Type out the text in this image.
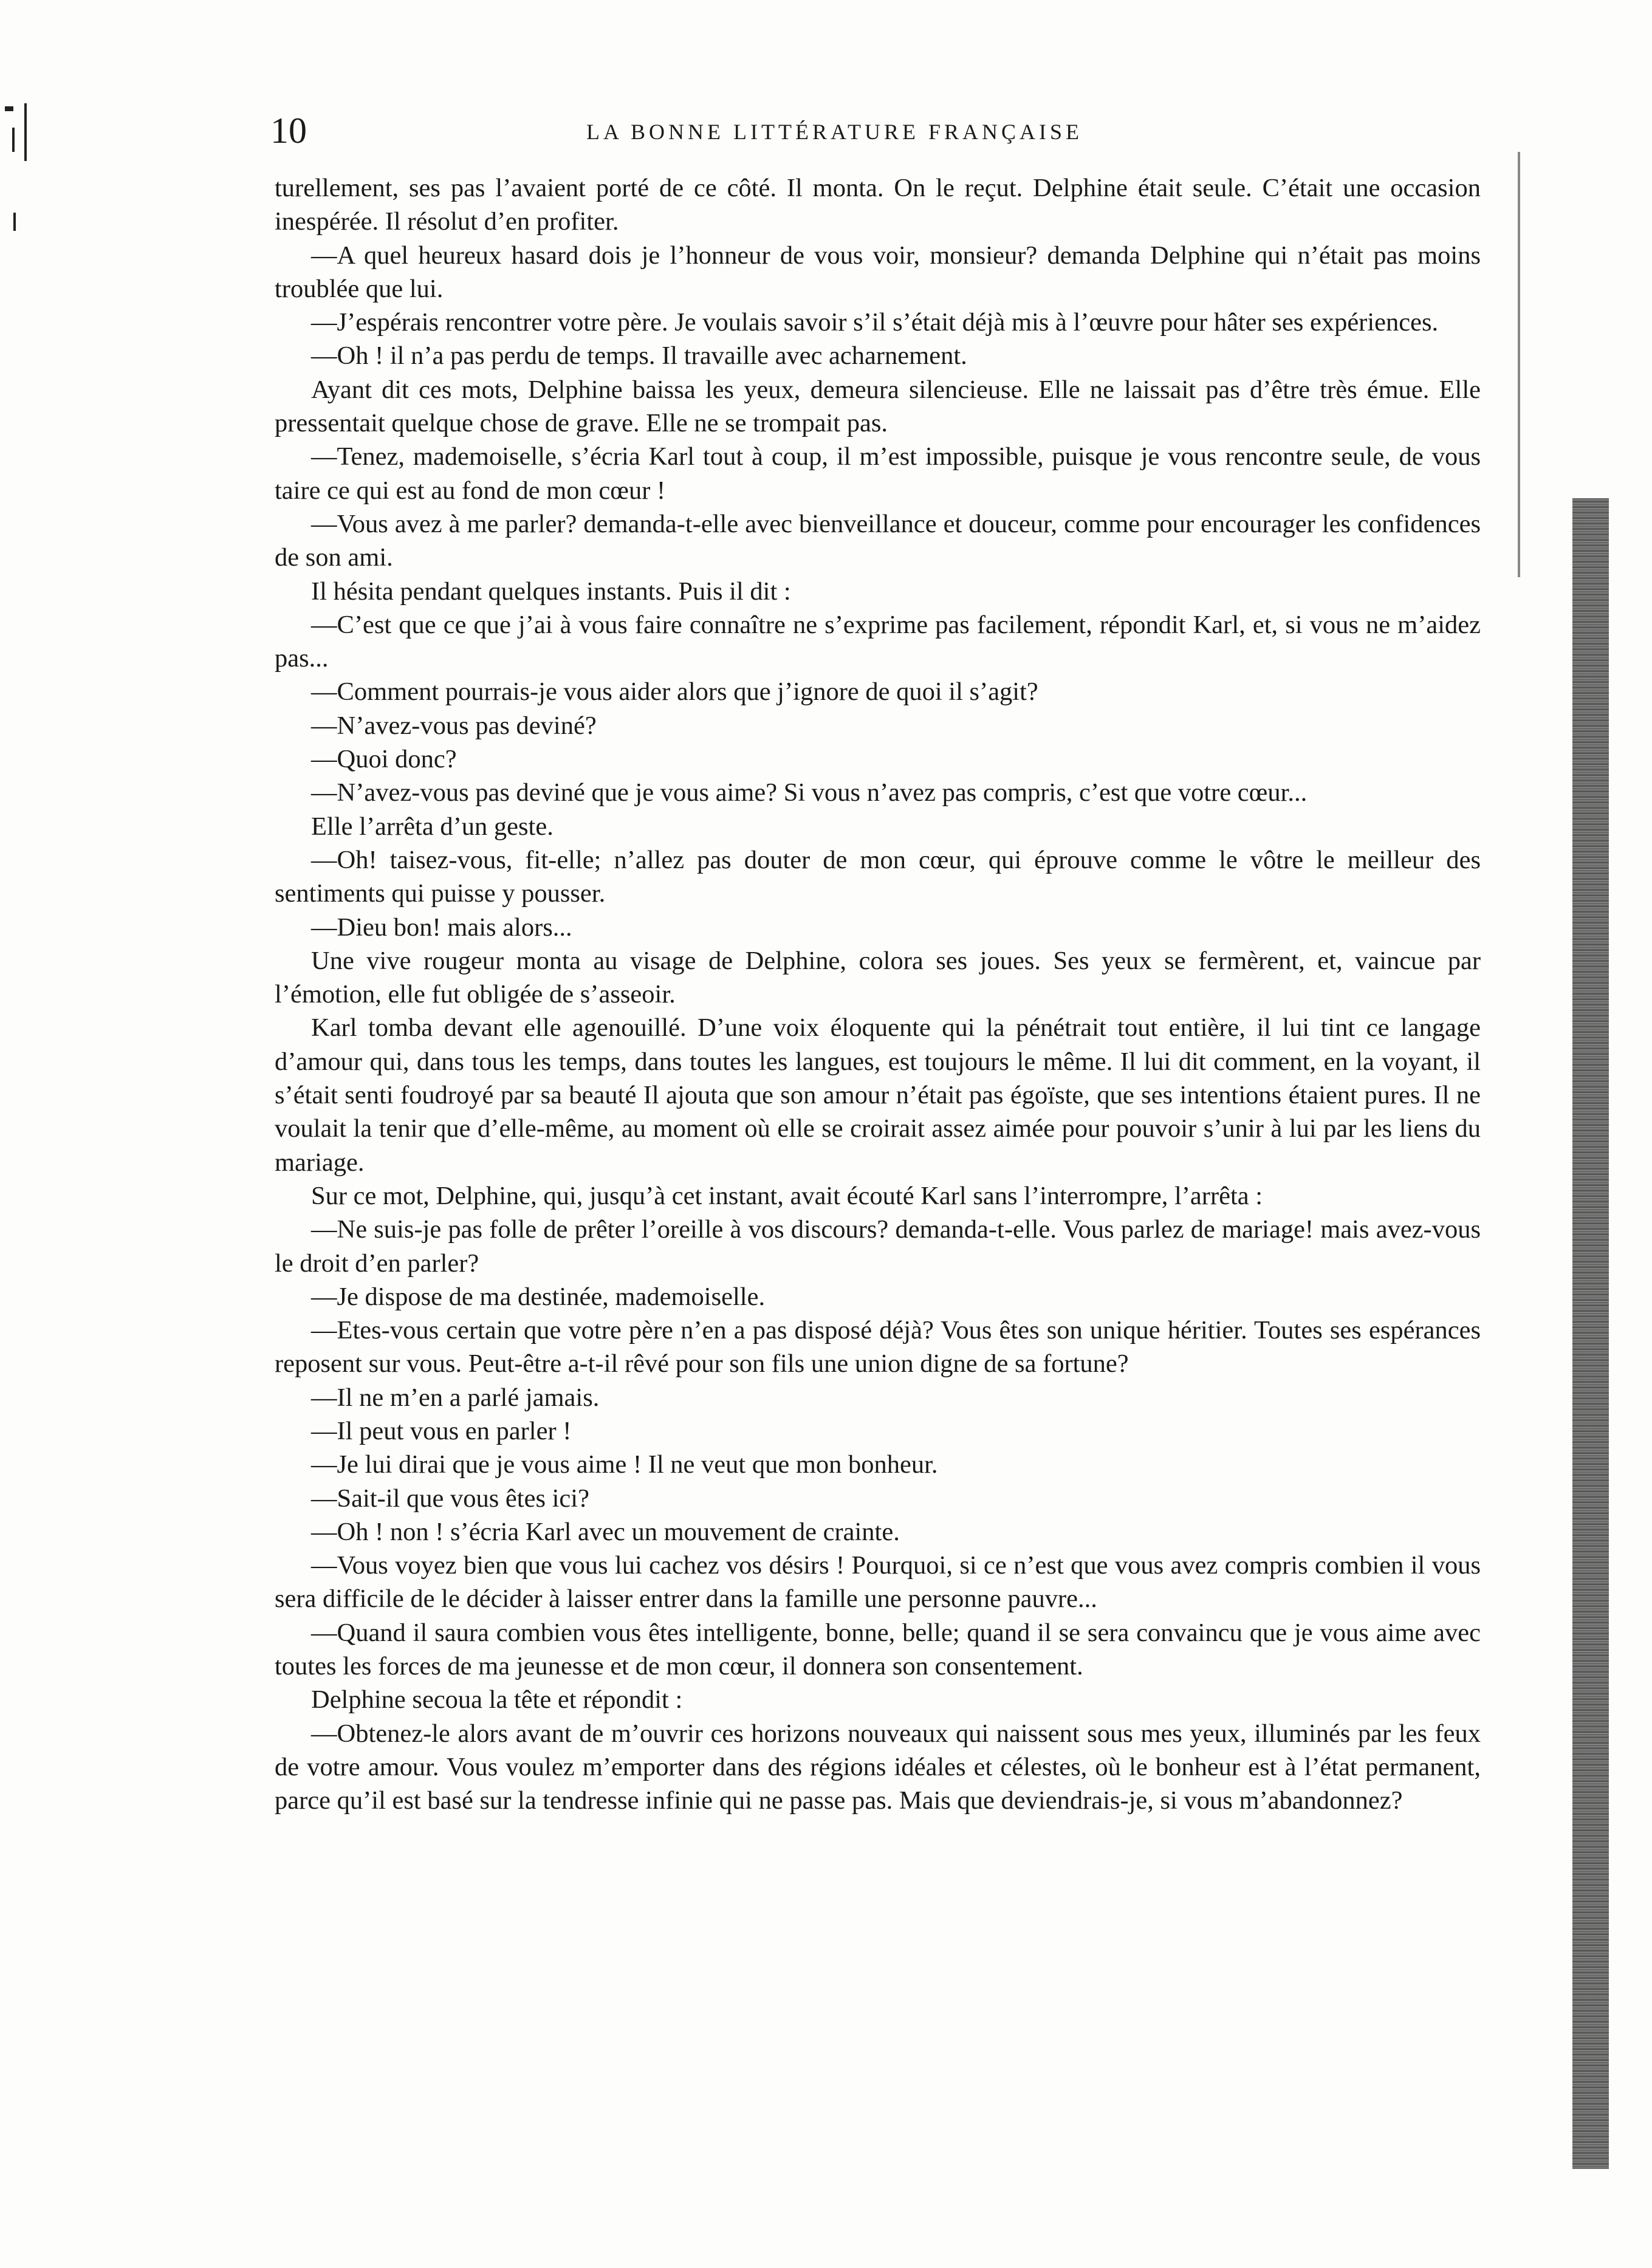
10	LA BONNE LITTÉRATURE FRANÇAISE

turellement, ses pas l’avaient porté de ce côté. Il monta. On le reçut. Delphine était seule. C’était une occasion inespérée. Il résolut d’en profiter.

—A quel heureux hasard dois je l’honneur de vous voir, monsieur? demanda Delphine qui n’était pas moins troublée que lui.

—J’espérais rencontrer votre père. Je voulais savoir s’il s’était déjà mis à l’œuvre pour hâter ses expériences.

—Oh ! il n’a pas perdu de temps. Il travaille avec acharnement.

Ayant dit ces mots, Delphine baissa les yeux, demeura silencieuse. Elle ne laissait pas d’être très émue. Elle pressentait quelque chose de grave. Elle ne se trompait pas.

—Tenez, mademoiselle, s’écria Karl tout à coup, il m’est impossible, puisque je vous rencontre seule, de vous taire ce qui est au fond de mon cœur !

—Vous avez à me parler? demanda-t-elle avec bienveillance et douceur, comme pour encourager les confidences de son ami.

Il hésita pendant quelques instants. Puis il dit :

—C’est que ce que j’ai à vous faire connaître ne s’exprime pas facilement, répondit Karl, et, si vous ne m’aidez pas...

—Comment pourrais-je vous aider alors que j’ignore de quoi il s’agit?

—N’avez-vous pas deviné?

—Quoi donc?

—N’avez-vous pas deviné que je vous aime? Si vous n’avez pas compris, c’est que votre cœur...

Elle l’arrêta d’un geste.

—Oh! taisez-vous, fit-elle; n’allez pas douter de mon cœur, qui éprouve comme le vôtre le meilleur des sentiments qui puisse y pousser.

—Dieu bon! mais alors...

Une vive rougeur monta au visage de Delphine, colora ses joues. Ses yeux se fermèrent, et, vaincue par l’émotion, elle fut obligée de s’asseoir.

Karl tomba devant elle agenouillé. D’une voix éloquente qui la pénétrait tout entière, il lui tint ce langage d’amour qui, dans tous les temps, dans toutes les langues, est toujours le même. Il lui dit comment, en la voyant, il s’était senti foudroyé par sa beauté Il ajouta que son amour n’était pas égoïste, que ses intentions étaient pures. Il ne voulait la tenir que d’elle-même, au moment où elle se croirait assez aimée pour pouvoir s’unir à lui par les liens du mariage.

Sur ce mot, Delphine, qui, jusqu’à cet instant, avait écouté Karl sans l’interrompre, l’arrêta :

—Ne suis-je pas folle de prêter l’oreille à vos discours? demanda-t-elle. Vous parlez de mariage! mais avez-vous le droit d’en parler?

—Je dispose de ma destinée, mademoiselle.

—Etes-vous certain que votre père n’en a pas disposé déjà? Vous êtes son unique héritier. Toutes ses espérances reposent sur vous. Peut-être a-t-il rêvé pour son fils une union digne de sa fortune?

—Il ne m’en a parlé jamais.

—Il peut vous en parler !

—Je lui dirai que je vous aime ! Il ne veut que mon bonheur.

—Sait-il que vous êtes ici?

—Oh ! non ! s’écria Karl avec un mouvement de crainte.

—Vous voyez bien que vous lui cachez vos désirs ! Pourquoi, si ce n’est que vous avez compris combien il vous sera difficile de le décider à laisser entrer dans la famille une personne pauvre...

—Quand il saura combien vous êtes intelligente, bonne, belle; quand il se sera convaincu que je vous aime avec toutes les forces de ma jeunesse et de mon cœur, il donnera son consentement.

Delphine secoua la tête et répondit :

—Obtenez-le alors avant de m’ouvrir ces horizons nouveaux qui naissent sous mes yeux, illuminés par les feux de votre amour. Vous voulez m’emporter dans des régions idéales et célestes, où le bonheur est à l’état permanent, parce qu’il est basé sur la tendresse infinie qui ne passe pas. Mais que deviendrais-je, si vous m’abandonnez?
